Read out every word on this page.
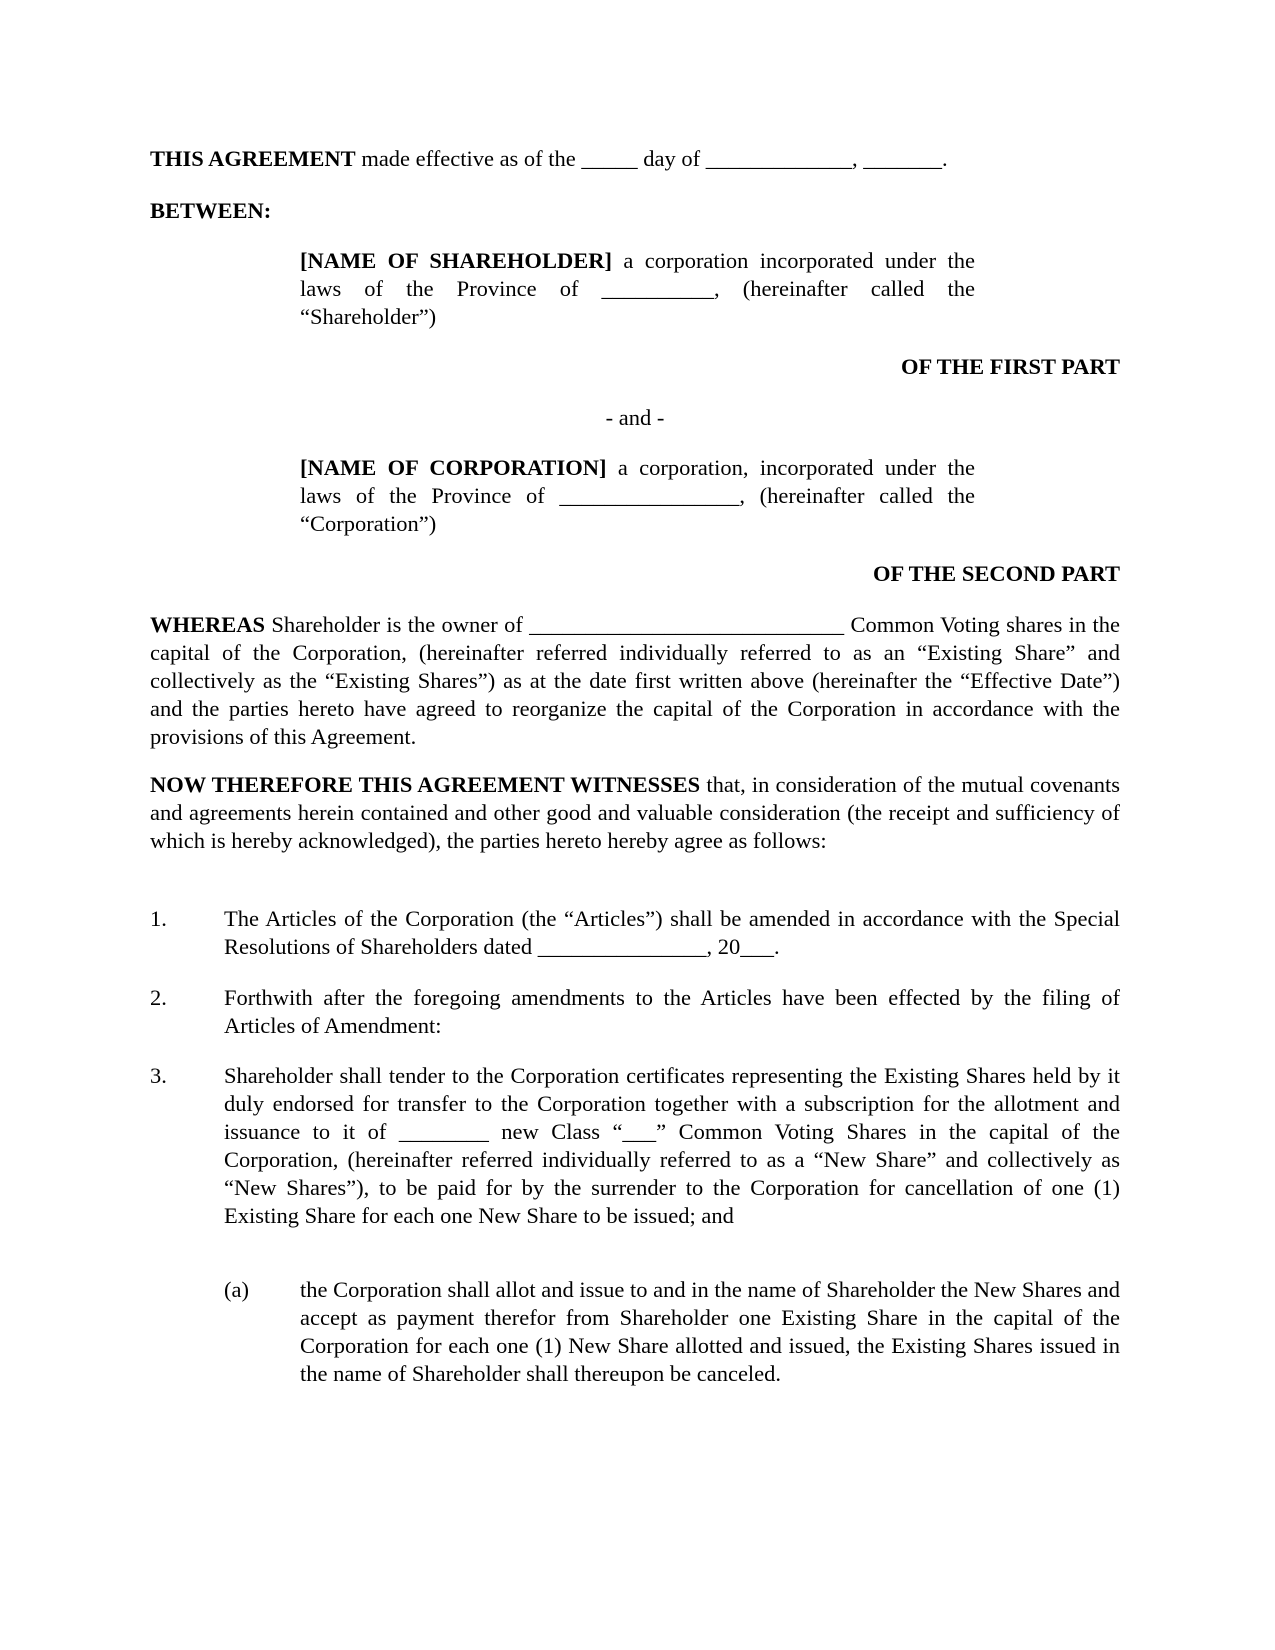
THIS AGREEMENT made effective as of the _____ day of _____________, _______.

BETWEEN:

[NAME OF SHAREHOLDER] a corporation incorporated under the laws of the Province of __________, (hereinafter called the “Shareholder”)

OF THE FIRST PART

- and -

[NAME OF CORPORATION] a corporation, incorporated under the laws of the Province of ________________, (hereinafter called the “Corporation”)

OF THE SECOND PART

WHEREAS Shareholder is the owner of ____________________________ Common Voting shares in the capital of the Corporation, (hereinafter referred individually referred to as an “Existing Share” and collectively as the “Existing Shares”) as at the date first written above (hereinafter the “Effective Date”) and the parties hereto have agreed to reorganize the capital of the Corporation in accordance with the provisions of this Agreement.

NOW THEREFORE THIS AGREEMENT WITNESSES that, in consideration of the mutual covenants and agreements herein contained and other good and valuable consideration (the receipt and sufficiency of which is hereby acknowledged), the parties hereto hereby agree as follows:

1.	The Articles of the Corporation (the “Articles”) shall be amended in accordance with the Special Resolutions of Shareholders dated _______________, 20___.

2.	Forthwith after the foregoing amendments to the Articles have been effected by the filing of Articles of Amendment:

3.	Shareholder shall tender to the Corporation certificates representing the Existing Shares held by it duly endorsed for transfer to the Corporation together with a subscription for the allotment and issuance to it of ________ new Class “___” Common Voting Shares in the capital of the Corporation, (hereinafter referred individually referred to as a “New Share” and collectively as “New Shares”), to be paid for by the surrender to the Corporation for cancellation of one (1) Existing Share for each one New Share to be issued; and

(a) the Corporation shall allot and issue to and in the name of Shareholder the New Shares and accept as payment therefor from Shareholder one Existing Share in the capital of the Corporation for each one (1) New Share allotted and issued, the Existing Shares issued in the name of Shareholder shall thereupon be canceled.
